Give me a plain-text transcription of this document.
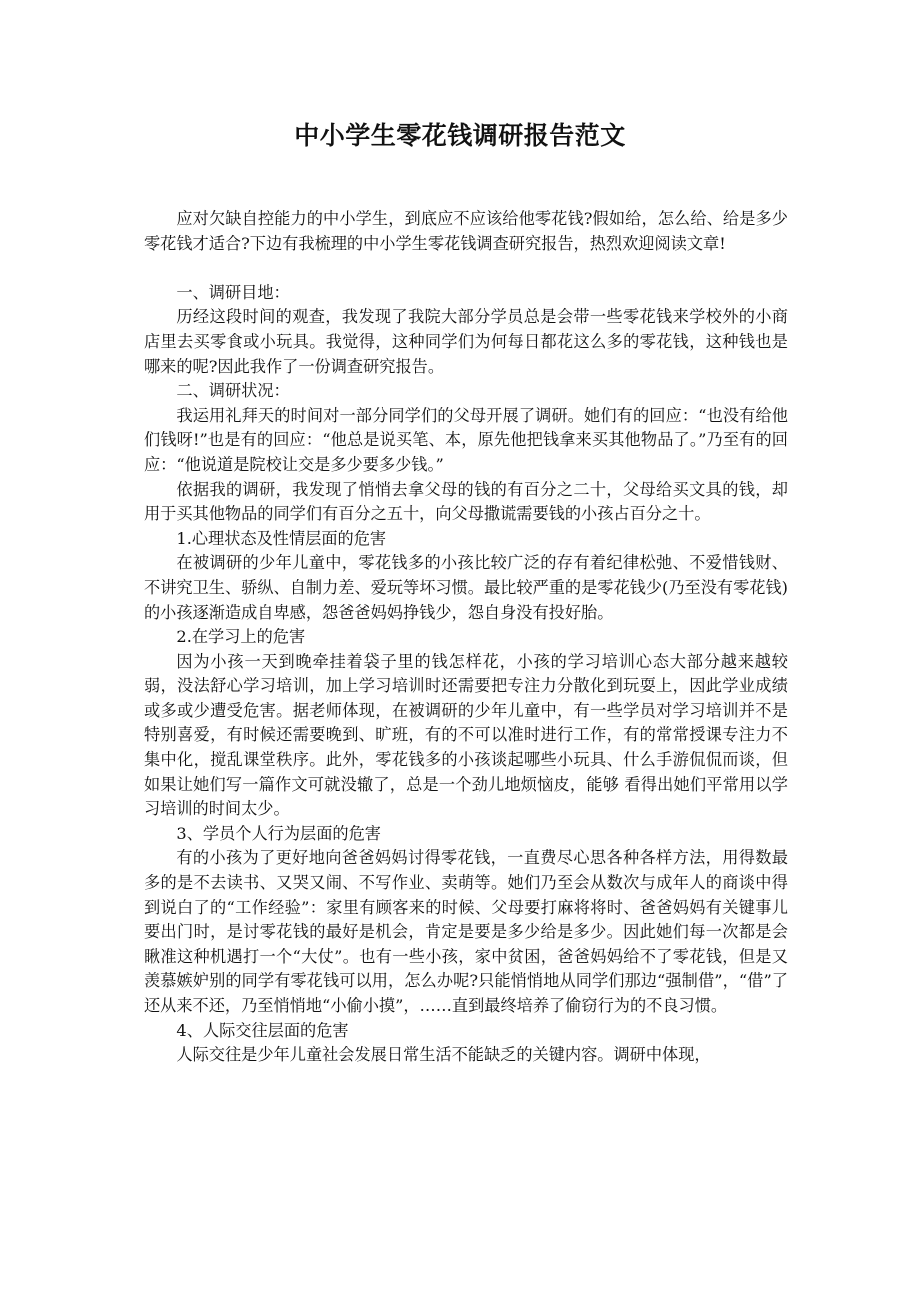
中小学生零花钱调研报告范文

应对欠缺自控能力的中小学生，到底应不应该给他零花钱?假如给，怎么给、给是多少零花钱才适合?下边有我梳理的中小学生零花钱调查研究报告，热烈欢迎阅读文章!

一、调研目地：

历经这段时间的观查，我发现了我院大部分学员总是会带一些零花钱来学校外的小商店里去买零食或小玩具。我觉得，这种同学们为何每日都花这么多的零花钱，这种钱也是哪来的呢?因此我作了一份调查研究报告。

二、调研状况：

我运用礼拜天的时间对一部分同学们的父母开展了调研。她们有的回应：“也没有给他们钱呀!”也是有的回应：“他总是说买笔、本，原先他把钱拿来买其他物品了。”乃至有的回应：“他说道是院校让交是多少要多少钱。”

依据我的调研，我发现了悄悄去拿父母的钱的有百分之二十，父母给买文具的钱，却用于买其他物品的同学们有百分之五十，向父母撒谎需要钱的小孩占百分之十。

1.心理状态及性情层面的危害

在被调研的少年儿童中，零花钱多的小孩比较广泛的存有着纪律松弛、不爱惜钱财、不讲究卫生、骄纵、自制力差、爱玩等坏习惯。最比较严重的是零花钱少(乃至没有零花钱)的小孩逐渐造成自卑感，怨爸爸妈妈挣钱少，怨自身没有投好胎。

2.在学习上的危害

因为小孩一天到晚牵挂着袋子里的钱怎样花，小孩的学习培训心态大部分越来越较弱，没法舒心学习培训，加上学习培训时还需要把专注力分散化到玩耍上，因此学业成绩或多或少遭受危害。据老师体现，在被调研的少年儿童中，有一些学员对学习培训并不是特别喜爱，有时候还需要晚到、旷班，有的不可以准时进行工作，有的常常授课专注力不集中化，搅乱课堂秩序。此外，零花钱多的小孩谈起哪些小玩具、什么手游侃侃而谈，但如果让她们写一篇作文可就没辙了，总是一个劲儿地烦恼皮，能够 看得出她们平常用以学习培训的时间太少。

3、学员个人行为层面的危害

有的小孩为了更好地向爸爸妈妈讨得零花钱，一直费尽心思各种各样方法，用得数最多的是不去读书、又哭又闹、不写作业、卖萌等。她们乃至会从数次与成年人的商谈中得到说白了的“工作经验”：家里有顾客来的时候、父母要打麻将将时、爸爸妈妈有关键事儿要出门时，是讨零花钱的最好是机会，肯定是要是多少给是多少。因此她们每一次都是会瞅准这种机遇打一个“大仗”。也有一些小孩，家中贫困，爸爸妈妈给不了零花钱，但是又羡慕嫉妒别的同学有零花钱可以用，怎么办呢?只能悄悄地从同学们那边“强制借”，“借”了还从来不还，乃至悄悄地“小偷小摸”，……直到最终培养了偷窃行为的不良习惯。

4、人际交往层面的危害

人际交往是少年儿童社会发展日常生活不能缺乏的关键内容。调研中体现，
